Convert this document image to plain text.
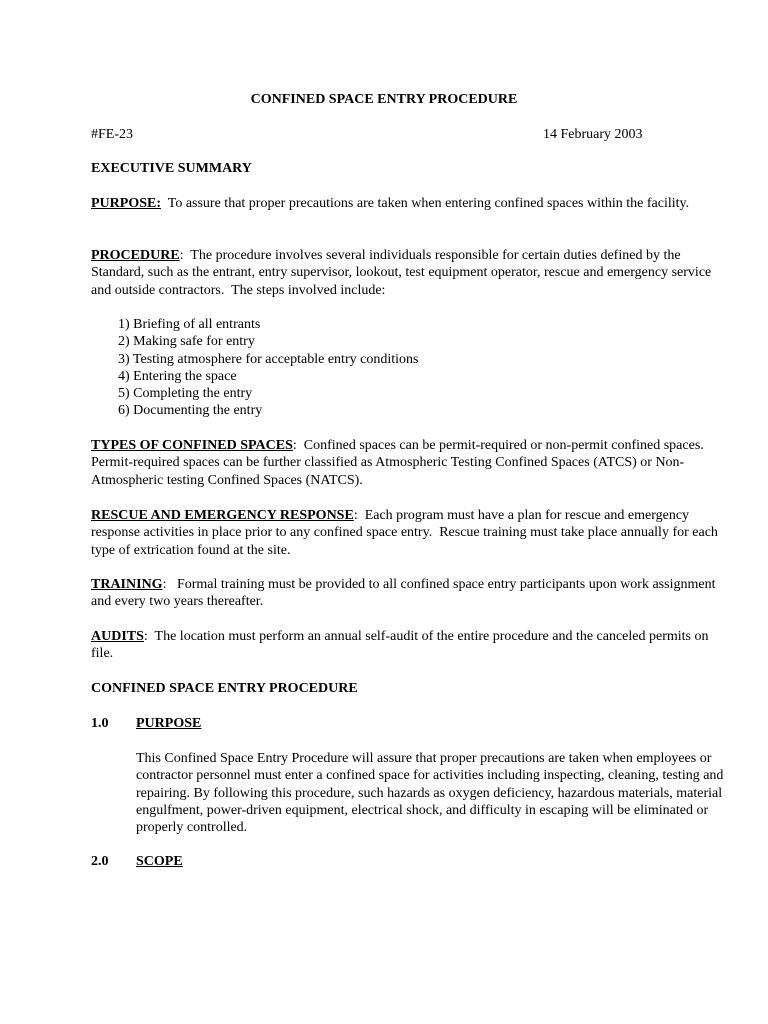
CONFINED SPACE ENTRY PROCEDURE
#FE-23	14 February 2003
EXECUTIVE SUMMARY
PURPOSE:  To assure that proper precautions are taken when entering confined spaces within the facility.
PROCEDURE:  The procedure involves several individuals responsible for certain duties defined by the Standard, such as the entrant, entry supervisor, lookout, test equipment operator, rescue and emergency service and outside contractors.  The steps involved include:
1) Briefing of all entrants
2) Making safe for entry
3) Testing atmosphere for acceptable entry conditions
4) Entering the space
5) Completing the entry
6) Documenting the entry
TYPES OF CONFINED SPACES:  Confined spaces can be permit-required or non-permit confined spaces.  Permit-required spaces can be further classified as Atmospheric Testing Confined Spaces (ATCS) or Non-Atmospheric testing Confined Spaces (NATCS).
RESCUE AND EMERGENCY RESPONSE:  Each program must have a plan for rescue and emergency response activities in place prior to any confined space entry.  Rescue training must take place annually for each type of extrication found at the site.
TRAINING:   Formal training must be provided to all confined space entry participants upon work assignment and every two years thereafter.
AUDITS:  The location must perform an annual self-audit of the entire procedure and the canceled permits on file.
CONFINED SPACE ENTRY PROCEDURE
1.0 PURPOSE
This Confined Space Entry Procedure will assure that proper precautions are taken when employees or contractor personnel must enter a confined space for activities including inspecting, cleaning, testing and repairing. By following this procedure, such hazards as oxygen deficiency, hazardous materials, material engulfment, power-driven equipment, electrical shock, and difficulty in escaping will be eliminated or properly controlled.
2.0 SCOPE
